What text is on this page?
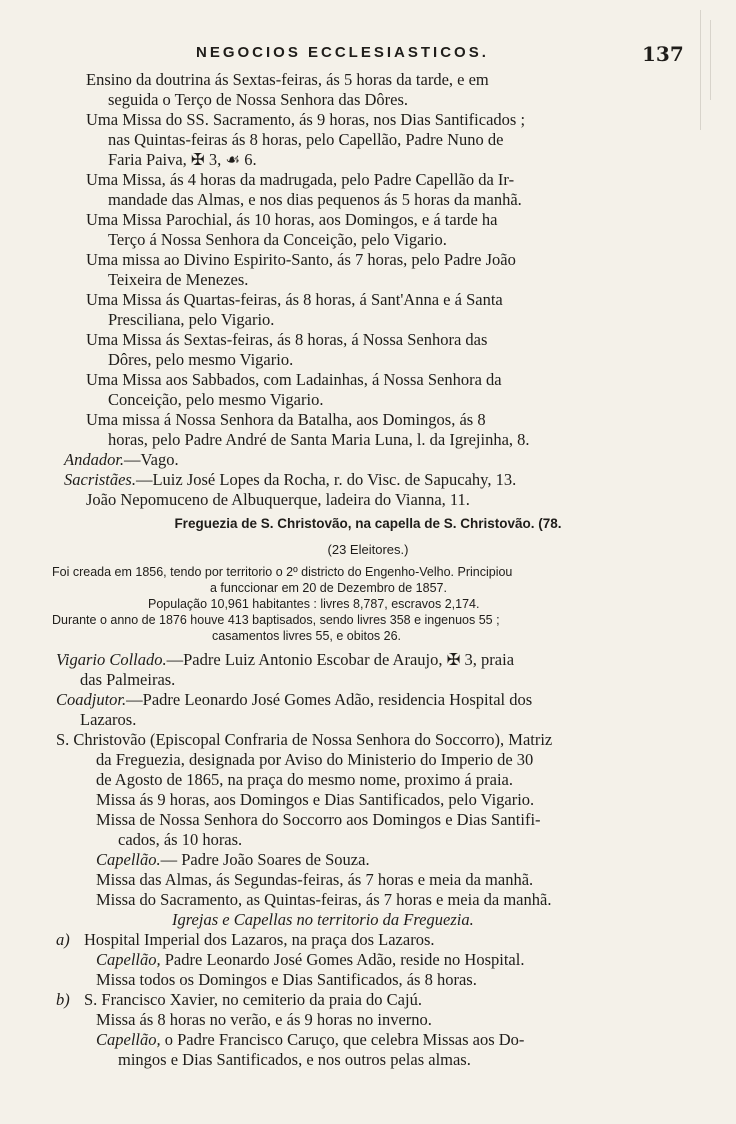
NEGOCIOS ECCLESIASTICOS.	137
Ensino da doutrina ás Sextas-feiras, ás 5 horas da tarde, e em
seguida o Terço de Nossa Senhora das Dôres.
Uma Missa do SS. Sacramento, ás 9 horas, nos Dias Santificados ;
nas Quintas-feiras ás 8 horas, pelo Capellão, Padre Nuno de
Faria Paiva, ✠ 3, ☙ 6.
Uma Missa, ás 4 horas da madrugada, pelo Padre Capellão da Ir-
mandade das Almas, e nos dias pequenos ás 5 horas da manhã.
Uma Missa Parochial, ás 10 horas, aos Domingos, e á tarde ha
Terço á Nossa Senhora da Conceição, pelo Vigario.
Uma missa ao Divino Espirito-Santo, ás 7 horas, pelo Padre João
Teixeira de Menezes.
Uma Missa ás Quartas-feiras, ás 8 horas, á Sant'Anna e á Santa
Presciliana, pelo Vigario.
Uma Missa ás Sextas-feiras, ás 8 horas, á Nossa Senhora das
Dôres, pelo mesmo Vigario.
Uma Missa aos Sabbados, com Ladainhas, á Nossa Senhora da
Conceição, pelo mesmo Vigario.
Uma missa á Nossa Senhora da Batalha, aos Domingos, ás 8
horas, pelo Padre André de Santa Maria Luna, l. da Igrejinha, 8.
Andador.—Vago.
Sacristães.—Luiz José Lopes da Rocha, r. do Visc. de Sapucahy, 13.
João Nepomuceno de Albuquerque, ladeira do Vianna, 11.
Freguezia de S. Christovão, na capella de S. Christovão. (78.
(23 Eleitores.)
Foi creada em 1856, tendo por territorio o 2º districto do Engenho-Velho. Principiou
a funccionar em 20 de Dezembro de 1857.
População 10,961 habitantes : livres 8,787, escravos 2,174.
Durante o anno de 1876 houve 413 baptisados, sendo livres 358 e ingenuos 55 ;
casamentos livres 55, e obitos 26.
Vigario Collado.—Padre Luiz Antonio Escobar de Araujo, ✠ 3, praia
das Palmeiras.
Coadjutor.—Padre Leonardo José Gomes Adão, residencia Hospital dos
Lazaros.
S. Christovão (Episcopal Confraria de Nossa Senhora do Soccorro), Matriz
da Freguezia, designada por Aviso do Ministerio do Imperio de 30
de Agosto de 1865, na praça do mesmo nome, proximo á praia.
Missa ás 9 horas, aos Domingos e Dias Santificados, pelo Vigario.
Missa de Nossa Senhora do Soccorro aos Domingos e Dias Santifi-
cados, ás 10 horas.
Capellão.— Padre João Soares de Souza.
Missa das Almas, ás Segundas-feiras, ás 7 horas e meia da manhã.
Missa do Sacramento, as Quintas-feiras, ás 7 horas e meia da manhã.
Igrejas e Capellas no territorio da Freguezia.
a) Hospital Imperial dos Lazaros, na praça dos Lazaros.
Capellão, Padre Leonardo José Gomes Adão, reside no Hospital.
Missa todos os Domingos e Dias Santificados, ás 8 horas.
b) S. Francisco Xavier, no cemiterio da praia do Cajú.
Missa ás 8 horas no verão, e ás 9 horas no inverno.
Capellão, o Padre Francisco Caruço, que celebra Missas aos Do-
mingos e Dias Santificados, e nos outros pelas almas.
